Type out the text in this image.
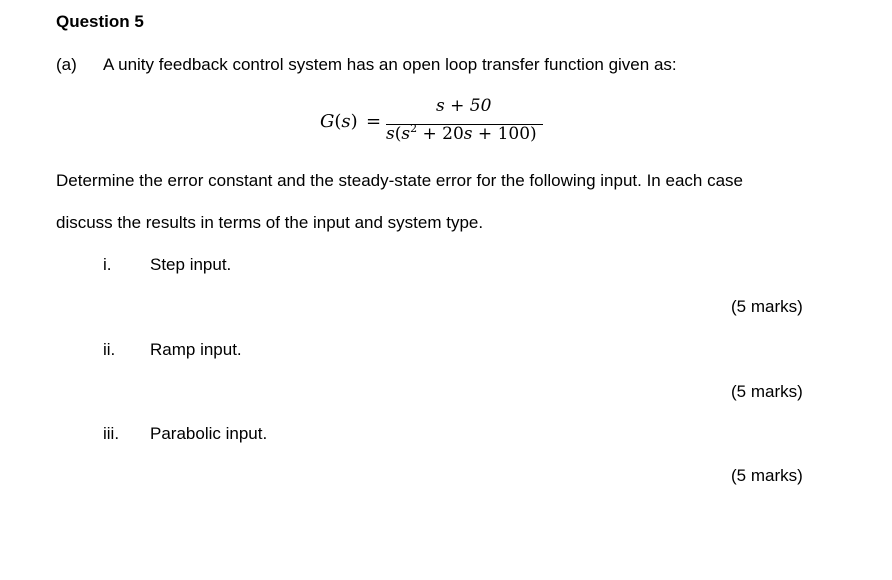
Question 5
(a) A unity feedback control system has an open loop transfer function given as:
G(s) =
s + 50
$s(s^2 + 20s + 100)$
Determine the error constant and the steady-state error for the following input. In each case
discuss the results in terms of the input and system type.
i. Step input.
(5 marks)
ii. Ramp input.
(5 marks)
iii. Parabolic input.
(5 marks)
